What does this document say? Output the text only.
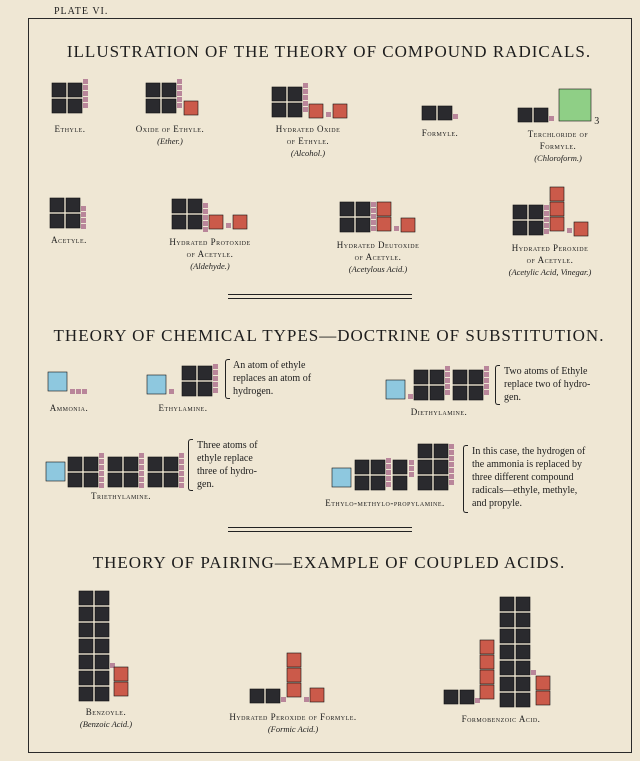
PLATE VI.
ILLUSTRATION OF THE THEORY OF COMPOUND RADICALS.
THEORY OF CHEMICAL TYPES—DOCTRINE OF SUBSTITUTION.
THEORY OF PAIRING—EXAMPLE OF COUPLED ACIDS.
Ethyle.	Oxide of Ethyle.
(Ether.)
Hydrated Oxide
of Ethyle.
(Alcohol.)
Formyle.	Terchloride of
Formyle.
(Chloroform.)
Acetyle.	Hydrated Protoxide
of Acetyle.
(Aldehyde.)
Hydrated Deutoxide
of Acetyle.
(Acetylous Acid.)
Hydrated Peroxide
of Acetyle.
(Acetylic Acid, Vinegar.)
3
Ammonia.	Ethylamine.	Diethylamine.
Triethylamine.
Ethylo-methylo-propylamine.
An atom of ethyle
replaces an atom of
hydrogen.
Two atoms of Ethyle
replace two of hydro-
gen.
Three atoms of
ethyle replace
three of hydro-
gen.
In this case, the hydrogen of
the ammonia is replaced by
three different compound
radicals—ethyle, methyle,
and propyle.
Benzoyle.
(Benzoic Acid.)
Hydrated Peroxide of Formyle.
(Formic Acid.)
Formobenzoic Acid.
